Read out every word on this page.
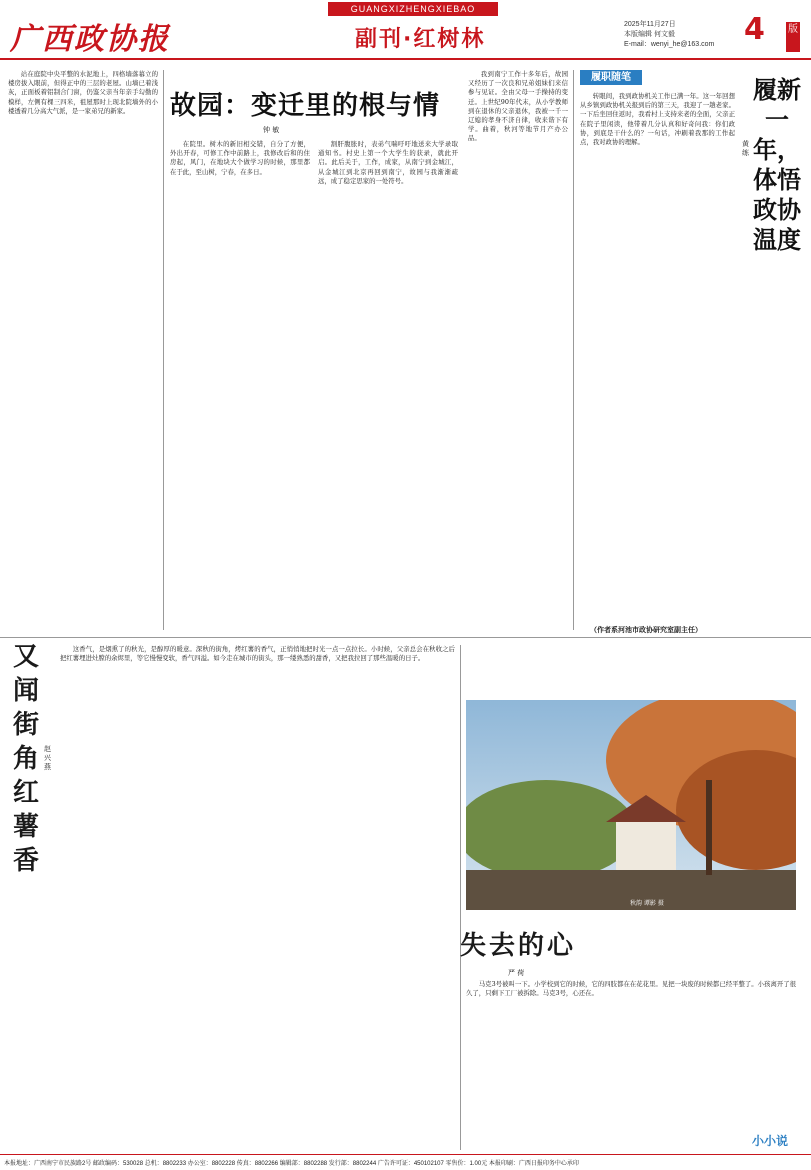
广西政协报
GUANGXIZHENGXIEBAO
副刊·红树林
2025年11月27日
本版编辑 何文毅
E-mail：wenyi_he@163.com 4 版
故园：变迁里的根与情
钟 敏

站在庭院中央平整的水泥地上，四格墙落幕立的楼房拔入眼前，但得正中的三层的老屋。山墙已着浅灰，正面板着铝制合门窗，仍鉴父亲当年亲手勾勤的模样，左侧有棵三四米，祖屋那时上现北院墙外的小楼透着几分高大气派，是一家弟兄的新家。

在院里。树木的新旧相交错，自分了方便，外出开春，可修工作中前路上，我修改后和的住房起，风门，在地块大个做学习的时候，那里都在于此，至山树，宁春，在多日。

割肝腹胀时，表弟气喘吁吁地送来大学录取通知书。村史上第一个大学生的获录，就此开启。此后关于，工作，成家，从南宁到金城江，从金城江到北京再回到南宁，故园与我渐渐疏远，成了稳定思家的一处符号。

我到南宁工作十多年后，故园又经历了一次良和兄弟姐妹们来信参与见证。全由父母一手操持的变迁。上世纪90年代末，从小学教师到在退休的父亲退休，我被一千一辽媳的孝身不济自律，收来谐下有学。曲着，秋河等地节月产办公品。

履职随笔	履新一年，体悟政协温度
黄 练

转眼间，我到政协机关工作已满一年。这一年回想从乡镇到政协机关报到后的第三天，我迎了一趟老家。一下后坐回住返时，我看村上支持来老的全面，父亲正在院子里闲读，他带着几分认真和好奇问我：你们政协，到底是干什么的？一句话，冲刷着我那的工作起点，我对政协的理解。

（作者系河池市政协研究室副主任）
又闻街角红薯香
赵兴燕

这香气，是烟熏了的秋光，是醇厚的暖意。深秋的街角，烤红薯的香气，正悄悄地把时光一点一点拉长。小时候，父亲总会在秋收之后把红薯埋进灶膛的余烬里，等它慢慢变软，香气四溢。如今走在城市的街头，那一缕熟悉的甜香，又把我拉回了那些温暖的日子。

秋韵 谭影 摄
失去的心
严 荷

马克3号被叫一下。小学校到它的时候，它的四肢都在在花花里。见把一块废的时候都已经平整了。小孩离开了很久了，只剩下工厂被拆除。马克3号，心还在。

小小说
本报地址：广西南宁市民族路2号 邮政编码：530028 总机：8802233 办公室：8802228 传真：8802266 编辑部：8802288 发行部：8802244 广告许可证：450102107 零售价：1.00元 本报印刷：广西日报印务中心承印
